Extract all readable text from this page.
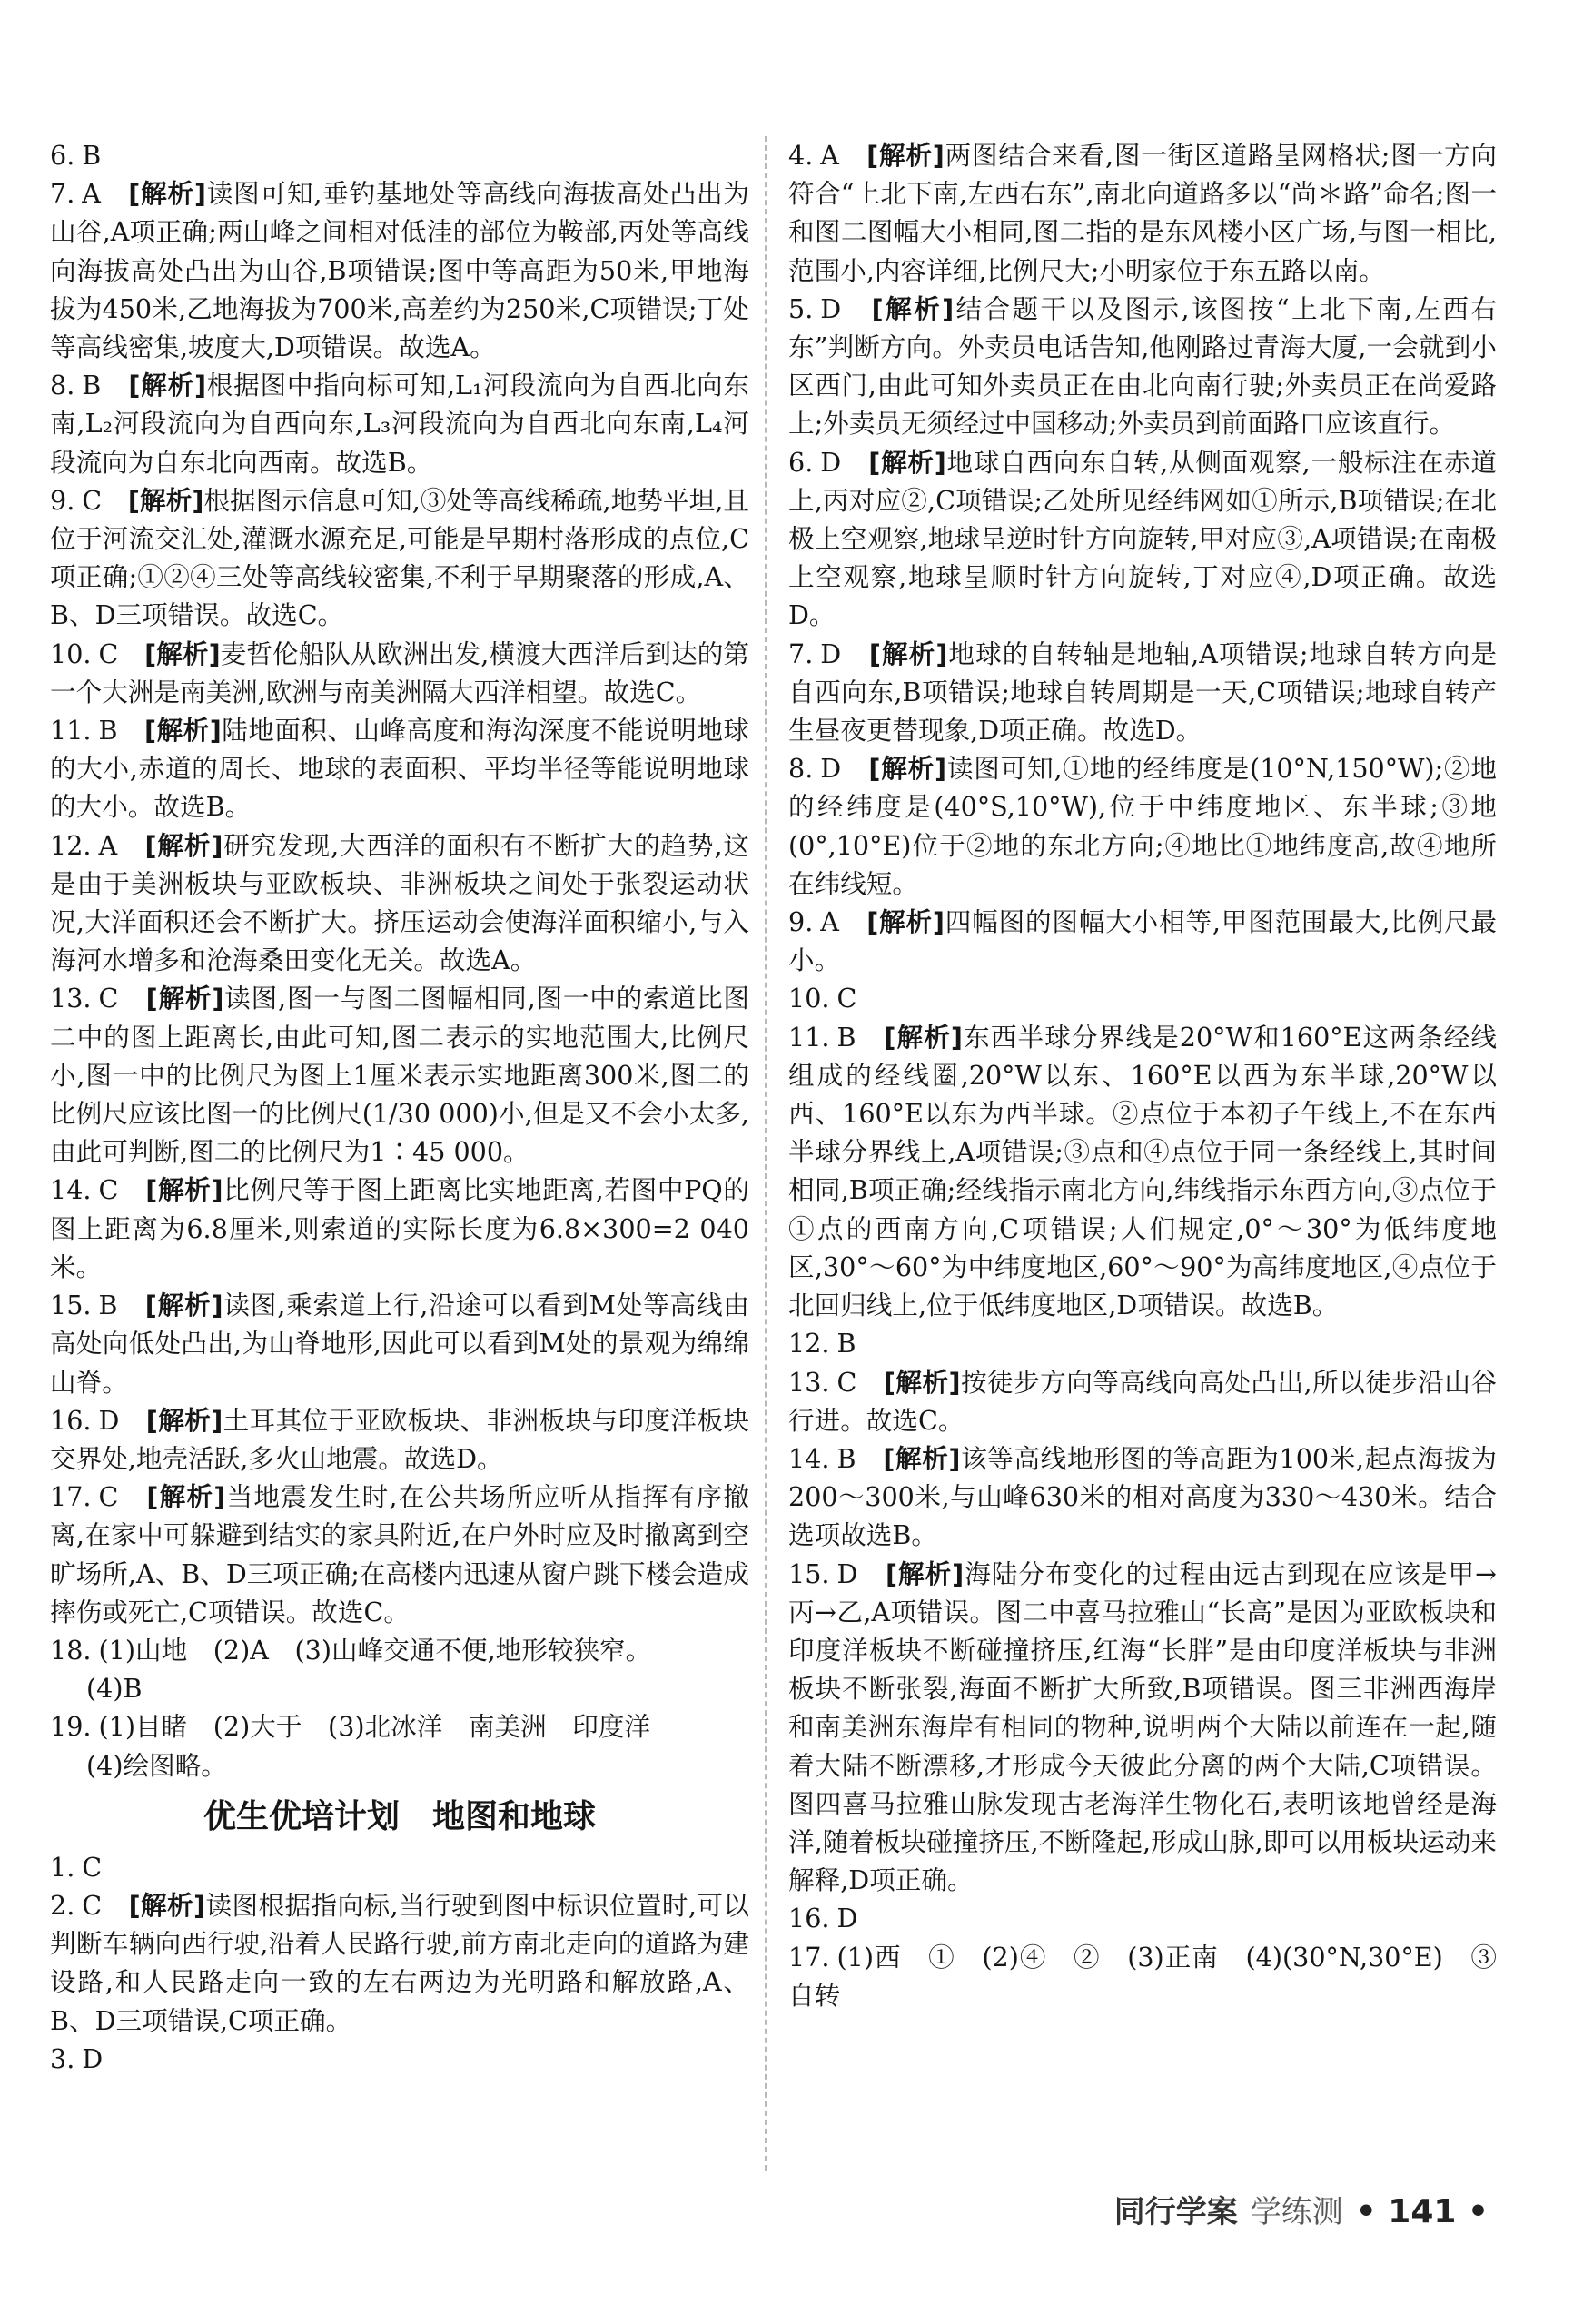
6. B

7. A　 [解析]读图可知,垂钓基地处等高线向海拔高处凸出为山谷,A项正确;两山峰之间相对低洼的部位为鞍部,丙处等高线向海拔高处凸出为山谷,B项错误;图中等高距为50米,甲地海拔为450米,乙地海拔为700米,高差约为250米,C项错误;丁处等高线密集,坡度大,D项错误。故选A。

8. B　 [解析]根据图中指向标可知,L₁河段流向为自西北向东南,L₂河段流向为自西向东,L₃河段流向为自西北向东南,L₄河段流向为自东北向西南。故选B。

9. C　 [解析]根据图示信息可知,③处等高线稀疏,地势平坦,且位于河流交汇处,灌溉水源充足,可能是早期村落形成的点位,C项正确;①②④三处等高线较密集,不利于早期聚落的形成,A、B、D三项错误。故选C。

10. C　 [解析]麦哲伦船队从欧洲出发,横渡大西洋后到达的第一个大洲是南美洲,欧洲与南美洲隔大西洋相望。故选C。

11. B　 [解析]陆地面积、山峰高度和海沟深度不能说明地球的大小,赤道的周长、地球的表面积、平均半径等能说明地球的大小。故选B。

12. A　 [解析]研究发现,大西洋的面积有不断扩大的趋势,这是由于美洲板块与亚欧板块、非洲板块之间处于张裂运动状况,大洋面积还会不断扩大。挤压运动会使海洋面积缩小,与入海河水增多和沧海桑田变化无关。故选A。

13. C　 [解析]读图,图一与图二图幅相同,图一中的索道比图二中的图上距离长,由此可知,图二表示的实地范围大,比例尺小,图一中的比例尺为图上1厘米表示实地距离300米,图二的比例尺应该比图一的比例尺(1/30 000)小,但是又不会小太多,由此可判断,图二的比例尺为1∶45 000。

14. C　 [解析]比例尺等于图上距离比实地距离,若图中PQ的图上距离为6.8厘米,则索道的实际长度为6.8×300=2 040米。

15. B　 [解析]读图,乘索道上行,沿途可以看到M处等高线由高处向低处凸出,为山脊地形,因此可以看到M处的景观为绵绵山脊。

16. D　 [解析]土耳其位于亚欧板块、非洲板块与印度洋板块交界处,地壳活跃,多火山地震。故选D。

17. C　 [解析]当地震发生时,在公共场所应听从指挥有序撤离,在家中可躲避到结实的家具附近,在户外时应及时撤离到空旷场所,A、B、D三项正确;在高楼内迅速从窗户跳下楼会造成摔伤或死亡,C项错误。故选C。

18. (1)山地　(2)A　(3)山峰交通不便,地形较狭窄。

(4)B

19. (1)目睹　(2)大于　(3)北冰洋　南美洲　印度洋

(4)绘图略。

优生优培计划　地图和地球

1. C

2. C　 [解析]读图根据指向标,当行驶到图中标识位置时,可以判断车辆向西行驶,沿着人民路行驶,前方南北走向的道路为建设路,和人民路走向一致的左右两边为光明路和解放路,A、B、D三项错误,C项正确。

3. D

4. A　 [解析]两图结合来看,图一街区道路呈网格状;图一方向符合“上北下南,左西右东”,南北向道路多以“尚＊路”命名;图一和图二图幅大小相同,图二指的是东风楼小区广场,与图一相比,范围小,内容详细,比例尺大;小明家位于东五路以南。

5. D　 [解析]结合题干以及图示,该图按“上北下南,左西右东”判断方向。外卖员电话告知,他刚路过青海大厦,一会就到小区西门,由此可知外卖员正在由北向南行驶;外卖员正在尚爱路上;外卖员无须经过中国移动;外卖员到前面路口应该直行。

6. D　 [解析]地球自西向东自转,从侧面观察,一般标注在赤道上,丙对应②,C项错误;乙处所见经纬网如①所示,B项错误;在北极上空观察,地球呈逆时针方向旋转,甲对应③,A项错误;在南极上空观察,地球呈顺时针方向旋转,丁对应④,D项正确。故选D。

7. D　 [解析]地球的自转轴是地轴,A项错误;地球自转方向是自西向东,B项错误;地球自转周期是一天,C项错误;地球自转产生昼夜更替现象,D项正确。故选D。

8. D　 [解析]读图可知,①地的经纬度是(10°N,150°W);②地的经纬度是(40°S,10°W),位于中纬度地区、东半球;③地(0°,10°E)位于②地的东北方向;④地比①地纬度高,故④地所在纬线短。

9. A　 [解析]四幅图的图幅大小相等,甲图范围最大,比例尺最小。

10. C

11. B　 [解析]东西半球分界线是20°W和160°E这两条经线组成的经线圈,20°W以东、160°E以西为东半球,20°W以西、160°E以东为西半球。②点位于本初子午线上,不在东西半球分界线上,A项错误;③点和④点位于同一条经线上,其时间相同,B项正确;经线指示南北方向,纬线指示东西方向,③点位于①点的西南方向,C项错误;人们规定,0°～30°为低纬度地区,30°～60°为中纬度地区,60°～90°为高纬度地区,④点位于北回归线上,位于低纬度地区,D项错误。故选B。

12. B

13. C　 [解析]按徒步方向等高线向高处凸出,所以徒步沿山谷行进。故选C。

14. B　 [解析]该等高线地形图的等高距为100米,起点海拔为200～300米,与山峰630米的相对高度为330～430米。结合选项故选B。

15. D　 [解析]海陆分布变化的过程由远古到现在应该是甲→丙→乙,A项错误。图二中喜马拉雅山“长高”是因为亚欧板块和印度洋板块不断碰撞挤压,红海“长胖”是由印度洋板块与非洲板块不断张裂,海面不断扩大所致,B项错误。图三非洲西海岸和南美洲东海岸有相同的物种,说明两个大陆以前连在一起,随着大陆不断漂移,才形成今天彼此分离的两个大陆,C项错误。图四喜马拉雅山脉发现古老海洋生物化石,表明该地曾经是海洋,随着板块碰撞挤压,不断隆起,形成山脉,即可以用板块运动来解释,D项正确。

16. D

17. (1)西　①　(2)④　②　(3)正南　(4)(30°N,30°E)　③自转

同行学案 学练测 • 141 •
